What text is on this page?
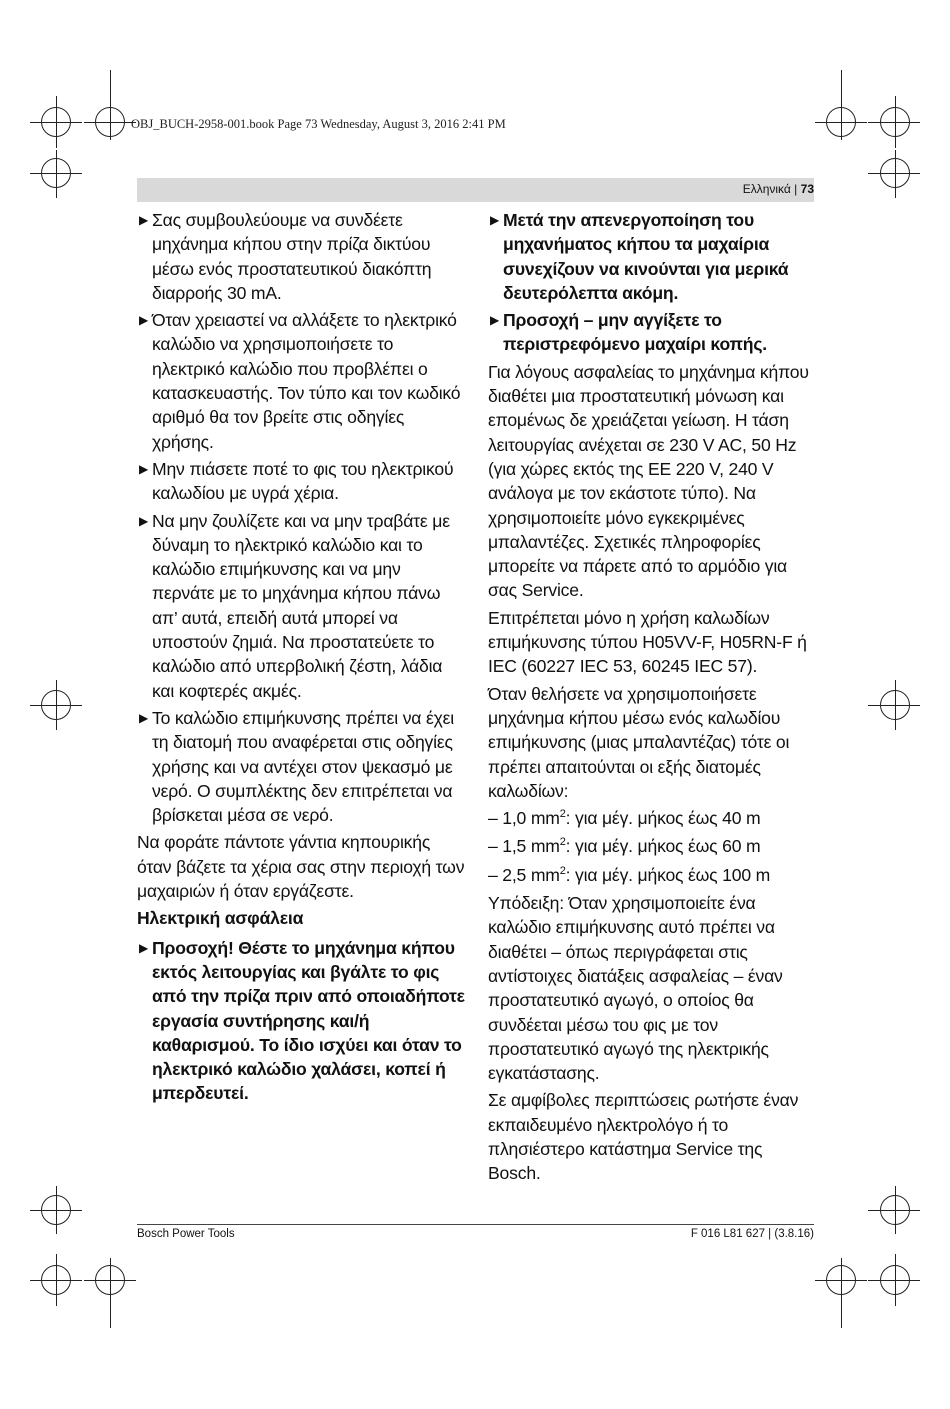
OBJ_BUCH-2958-001.book Page 73 Wednesday, August 3, 2016 2:41 PM
Ελληνικά | 73
▶ Σας συμβουλεύουμε να συνδέετε μηχάνημα κήπου στην πρίζα δικτύου μέσω ενός προστατευτικού διακόπτη διαρροής 30 mA.
▶ Όταν χρειαστεί να αλλάξετε το ηλεκτρικό καλώδιο να χρησιμοποιήσετε το ηλεκτρικό καλώδιο που προβλέπει ο κατασκευαστής. Τον τύπο και τον κωδικό αριθμό θα τον βρείτε στις οδηγίες χρήσης.
▶ Μην πιάσετε ποτέ το φις του ηλεκτρικού καλωδίου με υγρά χέρια.
▶ Να μην ζουλίζετε και να μην τραβάτε με δύναμη το ηλεκτρικό καλώδιο και το καλώδιο επιμήκυνσης και να μην περνάτε με το μηχάνημα κήπου πάνω απ’ αυτά, επειδή αυτά μπορεί να υποστούν ζημιά. Να προστατεύετε το καλώδιο από υπερβολική ζέστη, λάδια και κοφτερές ακμές.
▶ Το καλώδιο επιμήκυνσης πρέπει να έχει τη διατομή που αναφέρεται στις οδηγίες χρήσης και να αντέχει στον ψεκασμό με νερό. Ο συμπλέκτης δεν επιτρέπεται να βρίσκεται μέσα σε νερό.

Να φοράτε πάντοτε γάντια κηπουρικής όταν βάζετε τα χέρια σας στην περιοχή των μαχαιριών ή όταν εργάζεστε.

Ηλεκτρική ασφάλεια
▶ Προσοχή! Θέστε το μηχάνημα κήπου εκτός λειτουργίας και βγάλτε το φις από την πρίζα πριν από οποιαδήποτε εργασία συντήρησης και/ή καθαρισμού. Το ίδιο ισχύει και όταν το ηλεκτρικό καλώδιο χαλάσει, κοπεί ή μπερδευτεί.
▶ Μετά την απενεργοποίηση του μηχανήματος κήπου τα μαχαίρια συνεχίζουν να κινούνται για μερικά δευτερόλεπτα ακόμη.
▶ Προσοχή – μην αγγίξετε το περιστρεφόμενο μαχαίρι κοπής.

Για λόγους ασφαλείας το μηχάνημα κήπου διαθέτει μια προστατευτική μόνωση και επομένως δε χρειάζεται γείωση. Η τάση λειτουργίας ανέχεται σε 230 V AC, 50 Hz (για χώρες εκτός της ΕΕ 220 V, 240 V ανάλογα με τον εκάστοτε τύπο). Να χρησιμοποιείτε μόνο εγκεκριμένες μπαλαντέζες. Σχετικές πληροφορίες μπορείτε να πάρετε από το αρμόδιο για σας Service.

Επιτρέπεται μόνο η χρήση καλωδίων επιμήκυνσης τύπου H05VV-F, H05RN-F ή IEC (60227 IEC 53, 60245 IEC 57).

Όταν θελήσετε να χρησιμοποιήσετε μηχάνημα κήπου μέσω ενός καλωδίου επιμήκυνσης (μιας μπαλαντέζας) τότε οι πρέπει απαιτούνται οι εξής διατομές καλωδίων:

– 1,0 $mm^2$: για μέγ. μήκος έως 40 m
– 1,5 $mm^2$: για μέγ. μήκος έως 60 m
– 2,5 $mm^2$: για μέγ. μήκος έως 100 m

Υπόδειξη: Όταν χρησιμοποιείτε ένα καλώδιο επιμήκυνσης αυτό πρέπει να διαθέτει – όπως περιγράφεται στις αντίστοιχες διατάξεις ασφαλείας – έναν προστατευτικό αγωγό, ο οποίος θα συνδέεται μέσω του φις με τον προστατευτικό αγωγό της ηλεκτρικής εγκατάστασης.

Σε αμφίβολες περιπτώσεις ρωτήστε έναν εκπαιδευμένο ηλεκτρολόγο ή το πλησιέστερο κατάστημα Service της Bosch.

Bosch Power Tools	F 016 L81 627 | (3.8.16)
